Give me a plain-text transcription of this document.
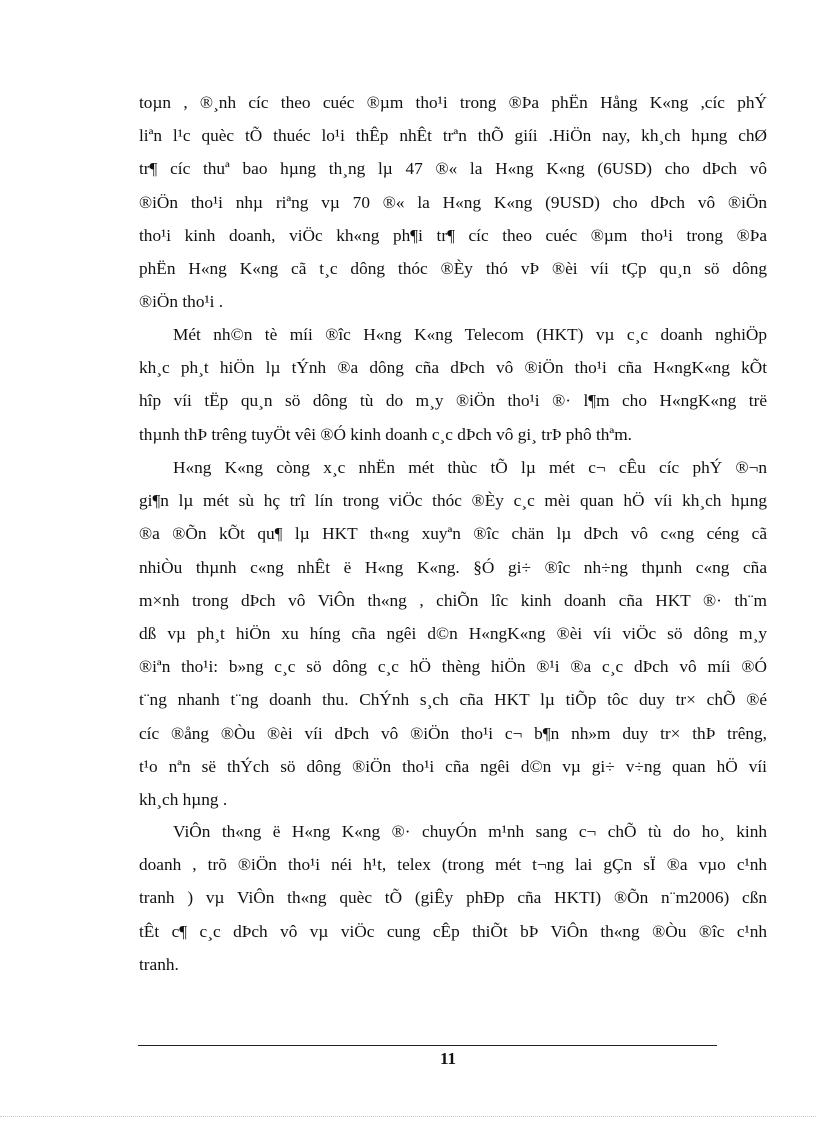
toµn , ®¸nh cíc theo cuéc ®µm tho¹i trong ®Þa phËn Hång K«ng ,cíc phÝ
liªn l¹c quèc tÕ thuéc lo¹i thÊp nhÊt trªn thÕ giíi .HiÖn nay, kh¸ch hµng chØ
tr¶ cíc thuª bao hµng th¸ng lµ 47 ®« la H«ng K«ng (6USD) cho dÞch vô
®iÖn tho¹i nhµ riªng vµ 70 ®« la H«ng K«ng (9USD) cho dÞch vô ®iÖn
tho¹i kinh doanh, viÖc kh«ng ph¶i tr¶ cíc theo cuéc ®µm tho¹i trong ®Þa
phËn H«ng K«ng cã t¸c dông thóc ®Èy thó vÞ ®èi víi tÇp qu¸n sö dông
®iÖn tho¹i .
Mét nh©n tè míi ®îc H«ng K«ng Telecom (HKT) vµ c¸c doanh nghiÖp
kh¸c ph¸t hiÖn lµ tÝnh ®a dông cña dÞch vô ®iÖn tho¹i cña H«ngK«ng kÕt
hîp víi tËp qu¸n sö dông tù do m¸y ®iÖn tho¹i ®· l¶m cho H«ngK«ng trë
thµnh thÞ trêng tuyÖt vêi ®Ó kinh doanh c¸c dÞch vô gi¸ trÞ phô thªm.
H«ng K«ng còng x¸c nhËn mét thùc tÕ lµ mét c¬ cÊu cíc phÝ ®¬n
gi¶n lµ mét sù hç trî lín trong viÖc thóc ®Èy c¸c mèi quan hÖ víi kh¸ch hµng
®a ®Õn kÕt qu¶ lµ HKT th«ng xuyªn ®îc chän lµ dÞch vô c«ng céng cã
nhiÒu thµnh c«ng nhÊt ë H«ng K«ng. §Ó gi÷ ®îc nh÷ng thµnh c«ng cña
m×nh trong dÞch vô ViÔn th«ng , chiÕn lîc kinh doanh cña HKT ®· th¨m
dß vµ ph¸t hiÖn xu híng cña ngêi d©n H«ngK«ng ®èi víi viÖc sö dông m¸y
®iªn tho¹i: b»ng c¸c sö dông c¸c hÖ thèng hiÖn ®¹i ®a c¸c dÞch vô míi ®Ó
t¨ng nhanh t¨ng doanh thu. ChÝnh s¸ch cña HKT lµ tiÕp tôc duy tr× chÕ ®é
cíc ®ång ®Òu ®èi víi dÞch vô ®iÖn tho¹i c¬ b¶n nh»m duy tr× thÞ trêng,
t¹o nªn së thÝch sö dông ®iÖn tho¹i cña ngêi d©n vµ gi÷ v÷ng quan hÖ víi
kh¸ch hµng .
ViÔn th«ng ë H«ng K«ng ®· chuyÓn m¹nh sang c¬ chÕ tù do ho¸ kinh
doanh , trõ ®iÖn tho¹i néi h¹t, telex (trong mét t¬ng lai gÇn sÏ ®a vµo c¹nh
tranh ) vµ ViÔn th«ng quèc tÕ (giÊy phÐp cña HKTI) ®Õn n¨m2006) cßn
tÊt c¶ c¸c dÞch vô vµ viÖc cung cÊp thiÕt bÞ ViÔn th«ng ®Òu ®îc c¹nh
tranh.
11
